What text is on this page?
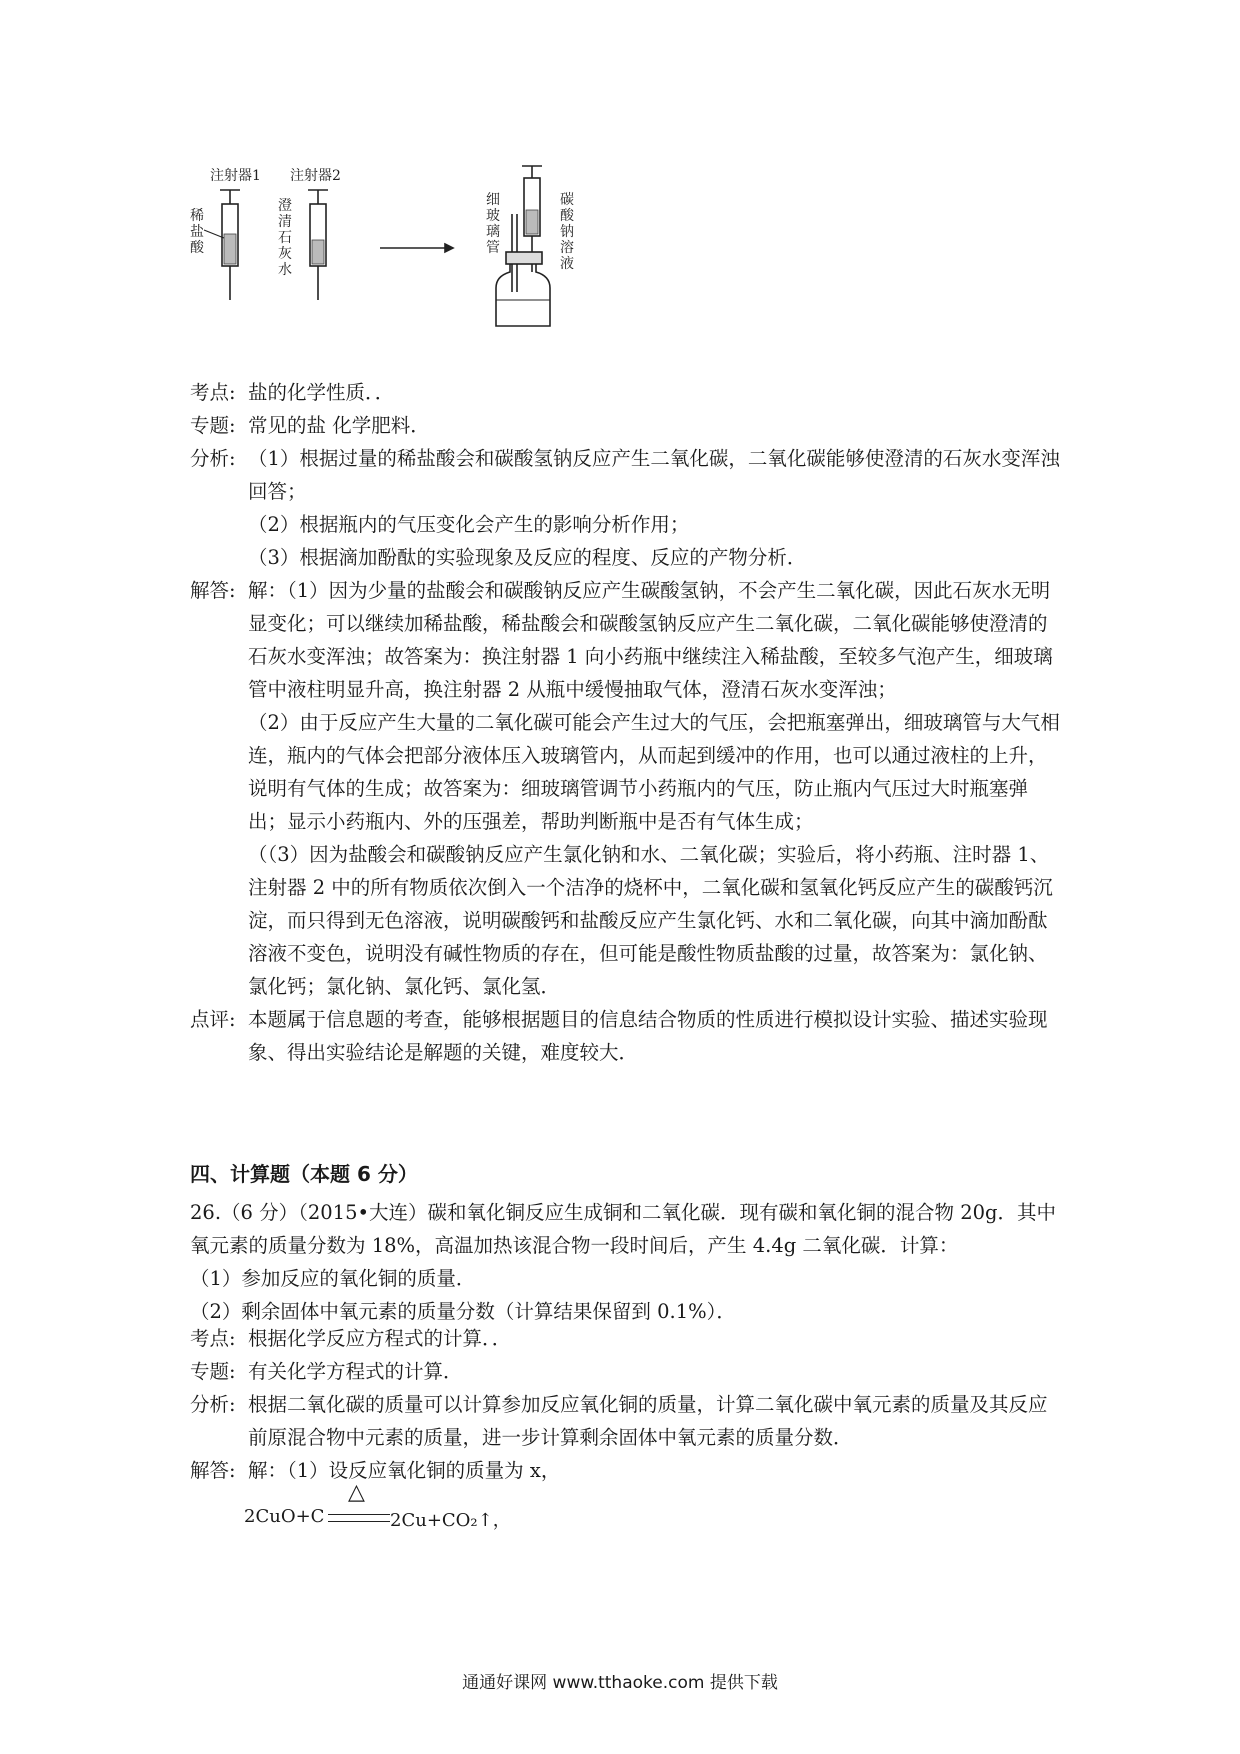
注射器1 注射器2
稀
盐
酸
澄
清
石
灰
水
细
玻
璃
管
碳
酸
钠
溶
液
考点: 盐的化学性质．．
专题: 常见的盐 化学肥料．
分析: （1）根据过量的稀盐酸会和碳酸氢钠反应产生二氧化碳，二氧化碳能够使澄清的石灰水变浑浊回答；

（2）根据瓶内的气压变化会产生的影响分析作用；

（3）根据滴加酚酞的实验现象及反应的程度、反应的产物分析．

解答: 解：（1）因为少量的盐酸会和碳酸钠反应产生碳酸氢钠，不会产生二氧化碳，因此石灰水无明显变化；可以继续加稀盐酸，稀盐酸会和碳酸氢钠反应产生二氧化碳，二氧化碳能够使澄清的石灰水变浑浊；故答案为：换注射器 1 向小药瓶中继续注入稀盐酸，至较多气泡产生，细玻璃管中液柱明显升高，换注射器 2 从瓶中缓慢抽取气体，澄清石灰水变浑浊；

（2）由于反应产生大量的二氧化碳可能会产生过大的气压，会把瓶塞弹出，细玻璃管与大气相连，瓶内的气体会把部分液体压入玻璃管内，从而起到缓冲的作用，也可以通过液柱的上升，说明有气体的生成；故答案为：细玻璃管调节小药瓶内的气压，防止瓶内气压过大时瓶塞弹出；显示小药瓶内、外的压强差，帮助判断瓶中是否有气体生成；

（（3）因为盐酸会和碳酸钠反应产生氯化钠和水、二氧化碳；实验后，将小药瓶、注时器 1、注射器 2 中的所有物质依次倒入一个洁净的烧杯中，二氧化碳和氢氧化钙反应产生的碳酸钙沉淀，而只得到无色溶液，说明碳酸钙和盐酸反应产生氯化钙、水和二氧化碳，向其中滴加酚酞溶液不变色，说明没有碱性物质的存在，但可能是酸性物质盐酸的过量，故答案为：氯化钠、氯化钙；氯化钠、氯化钙、氯化氢．

点评: 本题属于信息题的考查，能够根据题目的信息结合物质的性质进行模拟设计实验、描述实验现象、得出实验结论是解题的关键，难度较大．

四、计算题（本题 6 分）

26.（6 分）（2015•大连）碳和氧化铜反应生成铜和二氧化碳．现有碳和氧化铜的混合物 20g．其中氧元素的质量分数为 18%，高温加热该混合物一段时间后，产生 4.4g 二氧化碳．计算：

（1）参加反应的氧化铜的质量．

（2）剩余固体中氧元素的质量分数（计算结果保留到 0.1%）．

考点: 根据化学反应方程式的计算．．
专题: 有关化学方程式的计算．
分析: 根据二氧化碳的质量可以计算参加反应氧化铜的质量，计算二氧化碳中氧元素的质量及其反应前原混合物中元素的质量，进一步计算剩余固体中氧元素的质量分数．

解答: 解：（1）设反应氧化铜的质量为 x，

2CuO+C
△
2Cu+CO₂↑，
通通好课网 www.tthaoke.com 提供下载
